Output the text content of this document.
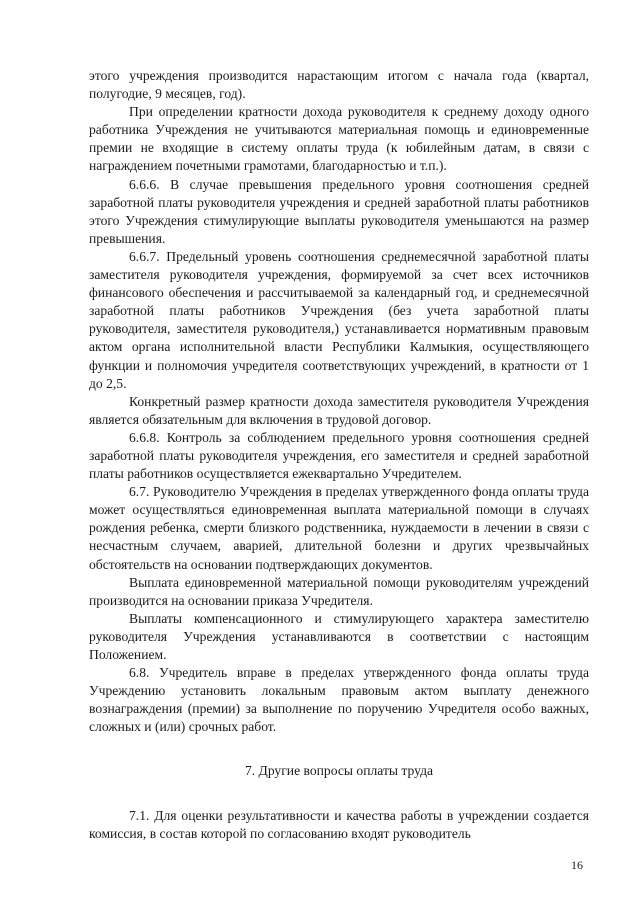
этого учреждения производится нарастающим итогом с начала года (квартал, полугодие, 9 месяцев, год).

При определении кратности дохода руководителя к среднему доходу одного работника Учреждения не учитываются материальная помощь и единовременные премии не входящие в систему оплаты труда (к юбилейным датам, в связи с награждением почетными грамотами, благодарностью и т.п.).

6.6.6. В случае превышения предельного уровня соотношения средней заработной платы руководителя учреждения и средней заработной платы работников этого Учреждения стимулирующие выплаты руководителя уменьшаются на размер превышения.

6.6.7. Предельный уровень соотношения среднемесячной заработной платы заместителя руководителя учреждения, формируемой за счет всех источников финансового обеспечения и рассчитываемой за календарный год, и среднемесячной заработной платы работников Учреждения (без учета заработной платы руководителя, заместителя руководителя,) устанавливается нормативным правовым актом органа исполнительной власти Республики Калмыкия, осуществляющего функции и полномочия учредителя соответствующих учреждений, в кратности от 1 до 2,5.

Конкретный размер кратности дохода заместителя руководителя Учреждения является обязательным для включения в трудовой договор.

6.6.8. Контроль за соблюдением предельного уровня соотношения средней заработной платы руководителя учреждения, его заместителя и средней заработной платы работников осуществляется ежеквартально Учредителем.

6.7. Руководителю Учреждения в пределах утвержденного фонда оплаты труда может осуществляться единовременная выплата материальной помощи в случаях рождения ребенка, смерти близкого родственника, нуждаемости в лечении в связи с несчастным случаем, аварией, длительной болезни и других чрезвычайных обстоятельств на основании подтверждающих документов.

Выплата единовременной материальной помощи руководителям учреждений производится на основании приказа Учредителя.

Выплаты компенсационного и стимулирующего характера заместителю руководителя Учреждения устанавливаются в соответствии с настоящим Положением.

6.8. Учредитель вправе в пределах утвержденного фонда оплаты труда Учреждению установить локальным правовым актом выплату денежного вознаграждения (премии) за выполнение по поручению Учредителя особо важных, сложных и (или) срочных работ.

7. Другие вопросы оплаты труда

7.1. Для оценки результативности и качества работы в учреждении создается комиссия, в состав которой по согласованию входят руководитель

16
